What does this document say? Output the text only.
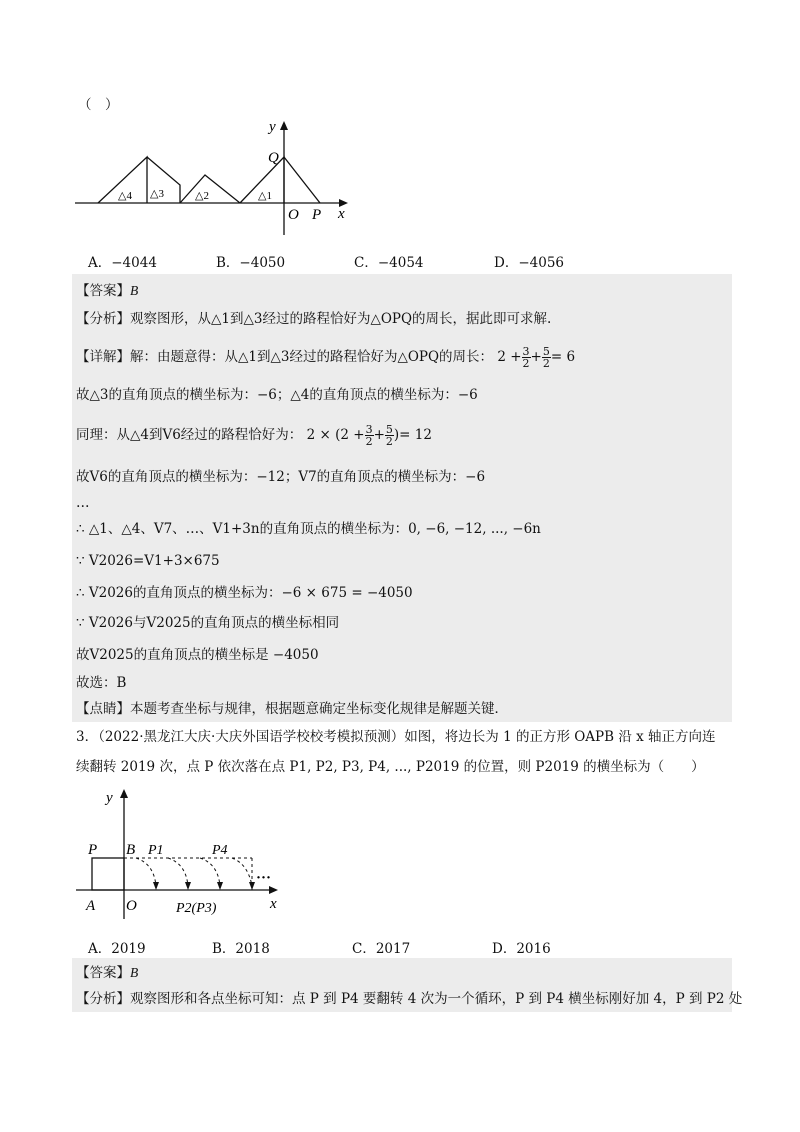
（　）
y
x
O P
Q
△1
△2
△3
△4
A．−4044	B．−4050	C．−4054	D．−4056
【答案】B
【分析】观察图形，从△1到△3经过的路程恰好为△OPQ的周长，据此即可求解.
【详解】解：由题意得：从△1到△3经过的路程恰好为△OPQ的周长： $2 + \frac{3}{2} + \frac{5}{2} = 6$
故△3的直角顶点的横坐标为：−6；△4的直角顶点的横坐标为：−6
同理：从△4到V6经过的路程恰好为： $2 \times (2 + \frac{3}{2} + \frac{5}{2}$ )= 12
故V6的直角顶点的横坐标为：−12；V7的直角顶点的横坐标为：−6
…
∴ △1、△4、V7、…、V1+3n的直角顶点的横坐标为：0, −6, −12, ..., −6n
∵ V2026=V1+3×675
∴ V2026的直角顶点的横坐标为：−6 × 675 = −4050
∵ V2026与V2025的直角顶点的横坐标相同
故V2025的直角顶点的横坐标是 −4050
故选：B
【点睛】本题考查坐标与规律，根据题意确定坐标变化规律是解题关键．
3．（2022·黑龙江大庆·大庆外国语学校校考模拟预测）如图，将边长为 1 的正方形 OAPB 沿 x 轴正方向连
续翻转 2019 次，点 P 依次落在点 P1, P2, P3, P4, ..., P2019 的位置，则 P2019 的横坐标为（　　）
y
x
P B
A O
P1	P4
P2(P3)
···
A．2019	B．2018	C．2017	D．2016
【答案】B
【分析】观察图形和各点坐标可知：点 P 到 P4 要翻转 4 次为一个循环，P 到 P4 横坐标刚好加 4，P 到 P2 处
